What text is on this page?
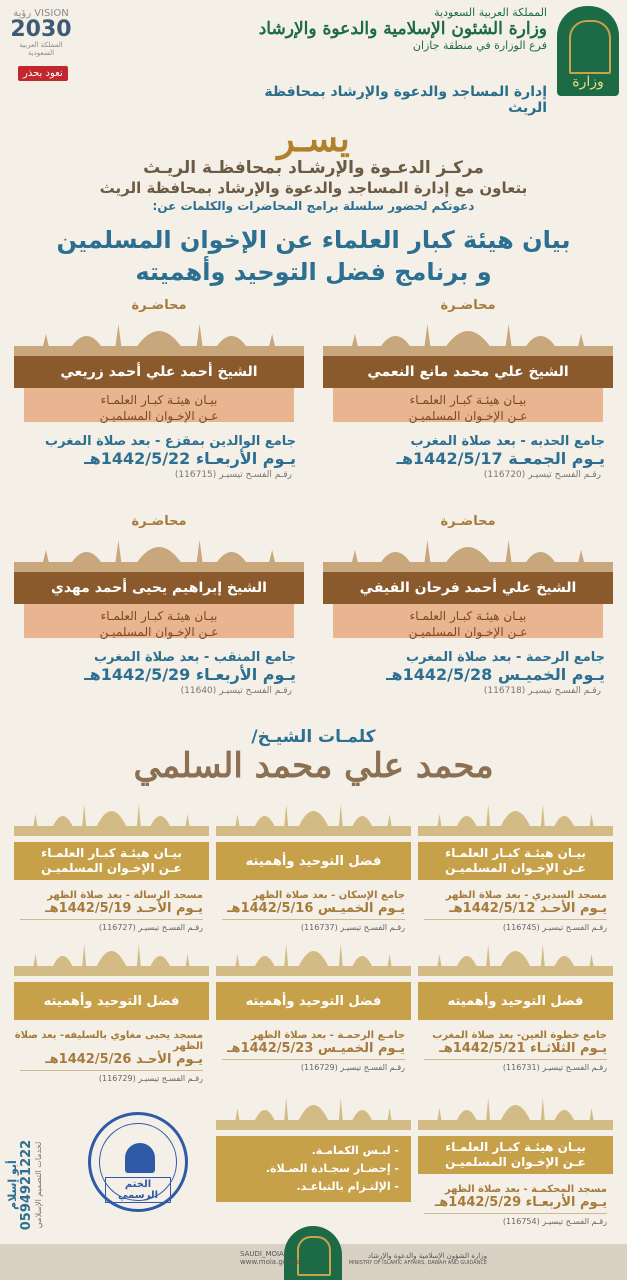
وزارة
المملكة العربية السعودية
وزارة الشئون الإسلامية والدعوة والإرشاد
فرع الوزارة في منطقة جازان
إدارة المساجد والدعوة والإرشاد بمحافظة الريث
VISION رؤية
2030
المملكة العربية السعودية
نعود بحذر
يسـر
مركـز الدعـوة والإرشـاد بمحافظـة الريـث
بتعاون مع إدارة المساجد والدعوة والإرشاد بمحافظة الريث
دعوتكم لحضور سلسلة برامج المحاضرات والكلمات عن:
بيان هيئة كبار العلماء عن الإخوان المسلمين
و برنامج فضل التوحيد وأهميته
محاضـرة
الشيخ علي محمد مانع النعمي
بيـان هيئـة كبـار العلمـاء
عـن الإخـوان المسلميـن
جامع الحدبه - بعد صلاة المغرب
يـوم الجمعـة 1442/5/17هـ
رقـم الفسـح تيسيـر (116720)
محاضـرة
الشيخ أحمد علي أحمد زريعي
بيـان هيئـة كبـار العلمـاء
عـن الإخـوان المسلميـن
جامع الوالدين بمقزع - بعد صلاة المغرب
يـوم الأربعـاء 1442/5/22هـ
رقـم الفسـح تيسيـر (116715)
محاضـرة
الشيخ علي أحمد فرحان الفيفي
بيـان هيئـة كبـار العلمـاء
عـن الإخـوان المسلميـن
جامع الرحمة - بعد صلاة المغرب
يـوم الخميـس 1442/5/28هـ
رقـم الفسـح تيسيـر (116718)
محاضـرة
الشيخ إبراهيم يحيى أحمد مهدي
بيـان هيئـة كبـار العلمـاء
عـن الإخـوان المسلميـن
جامع المنقب - بعد صلاة المغرب
يـوم الأربعـاء 1442/5/29هـ
رقـم الفسـح تيسيـر (11640)
كلمـات الشيـخ/
محمد علي محمد السلمي
بيـان هيئـة كبـار العلمـاء
عـن الإخـوان المسلميـن
مسجد السديري - بعد صلاة الظهر
يـوم الأحـد 1442/5/12هـ
رقـم الفسـح تيسيـر (116745)
فضل التوحيد وأهميته
جامع الإسكان - بعد صلاة الظهر
يـوم الخميـس 1442/5/16هـ
رقـم الفسـح تيسيـر (116737)
بيـان هيئـة كبـار العلمـاء
عـن الإخـوان المسلميـن
مسجد الرسالة - بعد صلاة الظهر
يـوم الأحـد 1442/5/19هـ
رقـم الفسـح تيسيـر (116727)
فضل التوحيد وأهميته
جامع خطوة العين- بعد صلاة المغرب
يـوم الثلاثـاء 1442/5/21هـ
رقـم الفسـح تيسيـر (116731)
فضل التوحيد وأهميته
جامـع الرحمـة - بعد صلاة الظهر
يـوم الخميـس 1442/5/23هـ
رقـم الفسـح تيسيـر (116729)
فضل التوحيد وأهميته
مسجد يحيى مغاوي بالسليفه- بعد صلاة الظهر
يـوم الأحـد 1442/5/26هـ
رقـم الفسـح تيسيـر (116729)
بيـان هيئـة كبـار العلمـاء
عـن الإخـوان المسلميـن
مسجد المحكمـة - بعد صلاة الظهر
يـوم الأربعـاء 1442/5/29هـ
رقـم الفسـح تيسيـر (116754)
- لبـس الكمامـة.
- إحضـار سجـادة الصـلاة.
- الإلتـزام بالتباعـد.
الختم الرسمي
أبو إسلام 0594921222 لخدمات التصميم الإسلامي
SAUDI_MOIA
www.moia.gov.sa
وزارة الشؤون الإسلامية والدعوة والإرشاد
MINISTRY OF ISLAMIC AFFAIRS, DAWAH AND GUIDANCE
